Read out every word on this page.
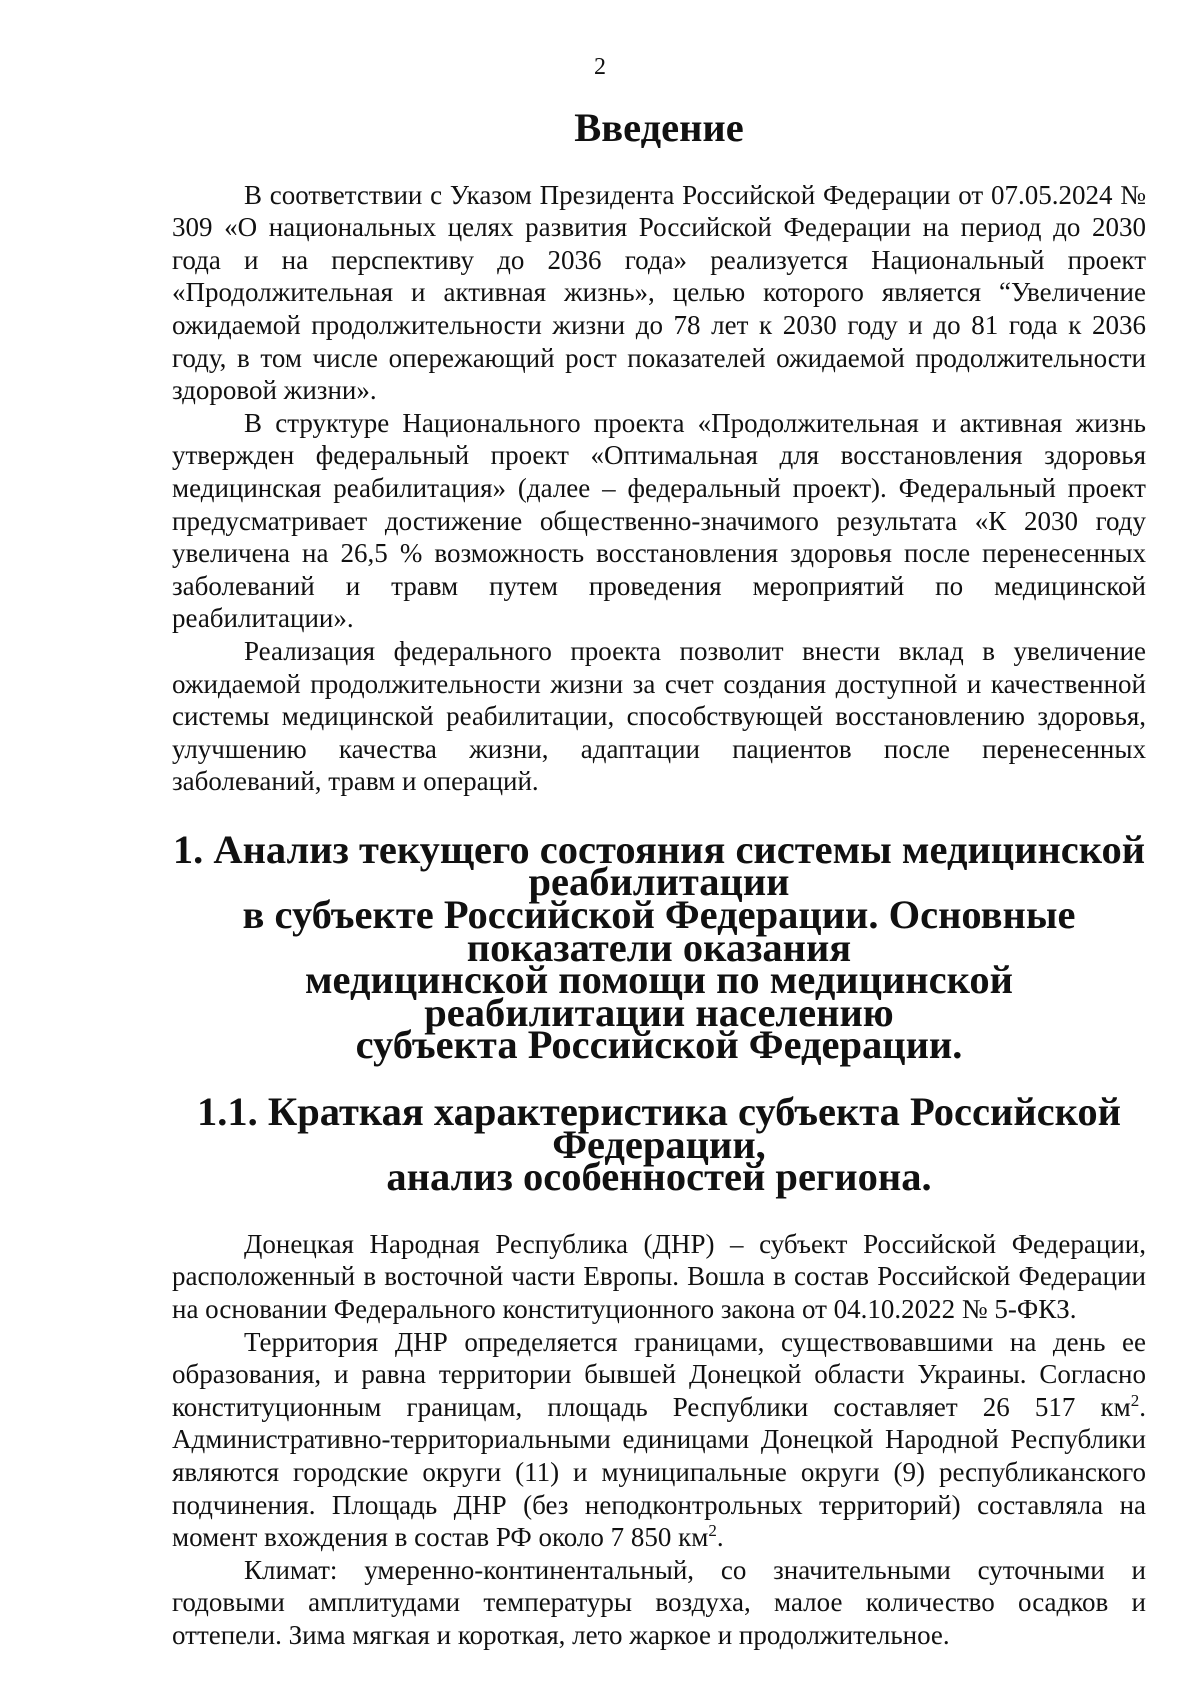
2
Введение

В соответствии с Указом Президента Российской Федерации от 07.05.2024 № 309 «О национальных целях развития Российской Федерации на период до 2030 года и на перспективу до 2036 года» реализуется Национальный проект «Продолжительная и активная жизнь», целью которого является “Увеличение ожидаемой продолжительности жизни до 78 лет к 2030 году и до 81 года к 2036 году, в том числе опережающий рост показателей ожидаемой продолжительности здоровой жизни».

В структуре Национального проекта «Продолжительная и активная жизнь утвержден федеральный проект «Оптимальная для восстановления здоровья медицинская реабилитация» (далее – федеральный проект). Федеральный проект предусматривает достижение общественно-значимого результата «К 2030 году увеличена на 26,5 % возможность восстановления здоровья после перенесенных заболеваний и травм путем проведения мероприятий по медицинской реабилитации».

Реализация федерального проекта позволит внести вклад в увеличение ожидаемой продолжительности жизни за счет создания доступной и качественной системы медицинской реабилитации, способствующей восстановлению здоровья, улучшению качества жизни, адаптации пациентов после перенесенных заболеваний, травм и операций.

1. Анализ текущего состояния системы медицинской реабилитации
в субъекте Российской Федерации. Основные показатели оказания
медицинской помощи по медицинской реабилитации населению
субъекта Российской Федерации.
1.1. Краткая характеристика субъекта Российской Федерации,
анализ особенностей региона.

Донецкая Народная Республика (ДНР) – субъект Российской Федерации, расположенный в восточной части Европы. Вошла в состав Российской Федерации на основании Федерального конституционного закона от 04.10.2022 № 5-ФКЗ.

Территория ДНР определяется границами, существовавшими на день ее образования, и равна территории бывшей Донецкой области Украины. Согласно конституционным границам, площадь Республики составляет 26 517 $км^2$. Административно-территориальными единицами Донецкой Народной Республики являются городские округи (11) и муниципальные округи (9) республиканского подчинения. Площадь ДНР (без неподконтрольных территорий) составляла на момент вхождения в состав РФ около 7 850 $км^2$.

Климат: умеренно-континентальный, со значительными суточными и годовыми амплитудами температуры воздуха, малое количество осадков и оттепели. Зима мягкая и короткая, лето жаркое и продолжительное.
